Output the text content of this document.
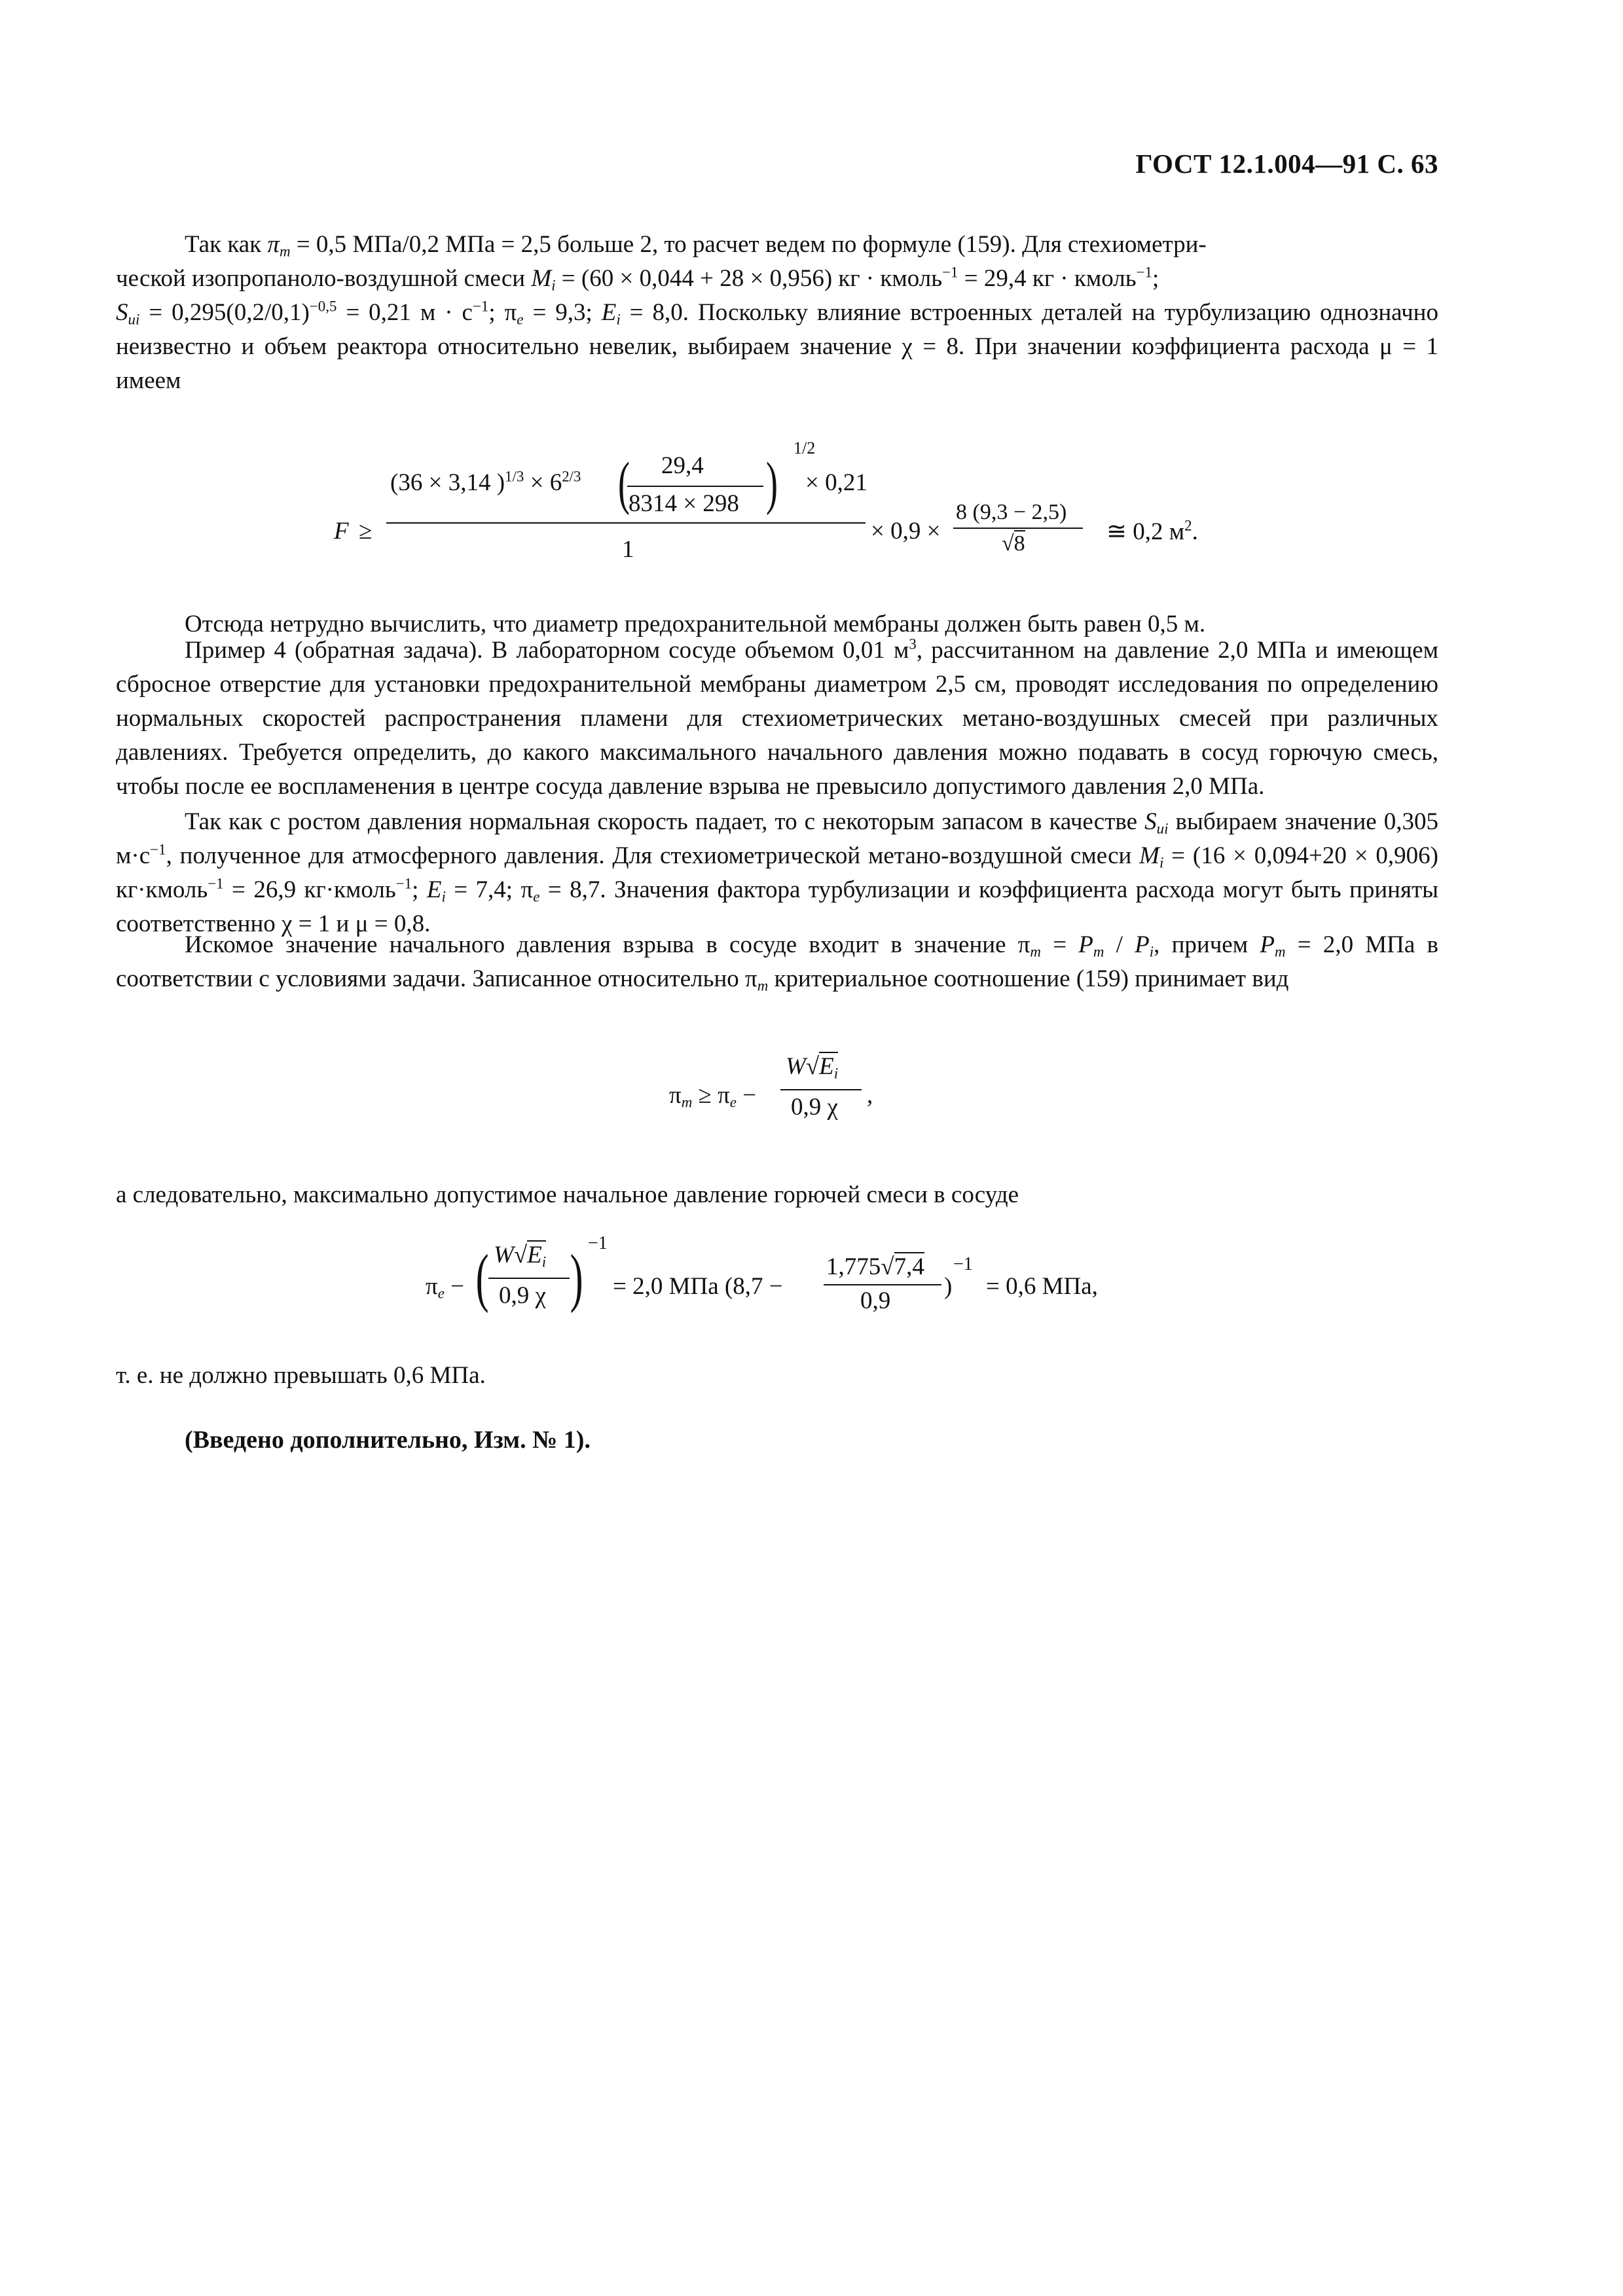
ГОСТ 12.1.004—91 С. 63
Так как $\pi_m = 0,5$ МПа/0,2 МПа = 2,5 больше 2, то расчет ведем по формуле (159). Для стехиометри-
ческой изопропаноло-воздушной смеси $M_i = (60 \times 0,044 + 28 \times 0,956)$ кг · кмоль$^{-1}$ = 29,4 кг · кмоль$^{-1}$;
$S_{ui} = 0,295(0,2/0,1)^{-0,5} = 0,21$ $м \cdot с^{-1}$; $\pi_e = 9,3$; $E_i = 8,0$. Поскольку влияние встроенных деталей на турбулизацию однозначно неизвестно и объем реактора относительно невелик, выбираем значение χ = 8. При значении коэффициента расхода μ = 1 имеем
F ≥
(36 × 3,14 )$^{1/3} \times 6^{2/3}$ ( 29,4
8314 × 298 )
1/2
× 0,21
1
× 0,9 ×
8 (9,3 − 2,5)
√8	≅ 0,2 $м^2$.
Отсюда нетрудно вычислить, что диаметр предохранительной мембраны должен быть равен 0,5 м.
Пример 4 (обратная задача). В лабораторном сосуде объемом 0,01 $м^3$, рассчитанном на давление 2,0 МПа и имеющем сбросное отверстие для установки предохранительной мембраны диаметром 2,5 см, проводят исследования по определению нормальных скоростей распространения пламени для стехиометрических метано-воздушных смесей при различных давлениях. Требуется определить, до какого максимального начального давления можно подавать в сосуд горючую смесь, чтобы после ее воспламенения в центре сосуда давление взрыва не превысило допустимого давления 2,0 МПа.
Так как с ростом давления нормальная скорость падает, то с некоторым запасом в качестве $S_{ui}$ выбираем значение 0,305 $м\cdot с^{-1}$, полученное для атмосферного давления. Для стехиометрической метано-воздушной смеси $M_i = (16 \times 0,094+20 \times 0,906)$ кг·кмоль$^{-1}$ = 26,9 кг·кмоль$^{-1}$; $E_i = 7,4$; $\pi_e = 8,7$. Значения фактора турбулизации и коэффициента расхода могут быть приняты соответственно χ = 1 и μ = 0,8.
Искомое значение начального давления взрыва в сосуде входит в значение $\pi_m = P_m / P_i$, причем $P_m = 2,0$ МПа в соответствии с условиями задачи. Записанное относительно $\pi_m$ критериальное соотношение (159) принимает вид
$\pi_m \ge \pi_e$ −
$W√E_i$
0,9 χ ,
а следовательно, максимально допустимое начальное давление горючей смеси в сосуде
$\pi_e$ − ( $W√E_i$
0,9 χ ) −1
= 2,0 МПа (8,7 −
1,775√7,4
0,9
)
−1
= 0,6 МПа,
т. е. не должно превышать 0,6 МПа.
(Введено дополнительно, Изм. № 1).
